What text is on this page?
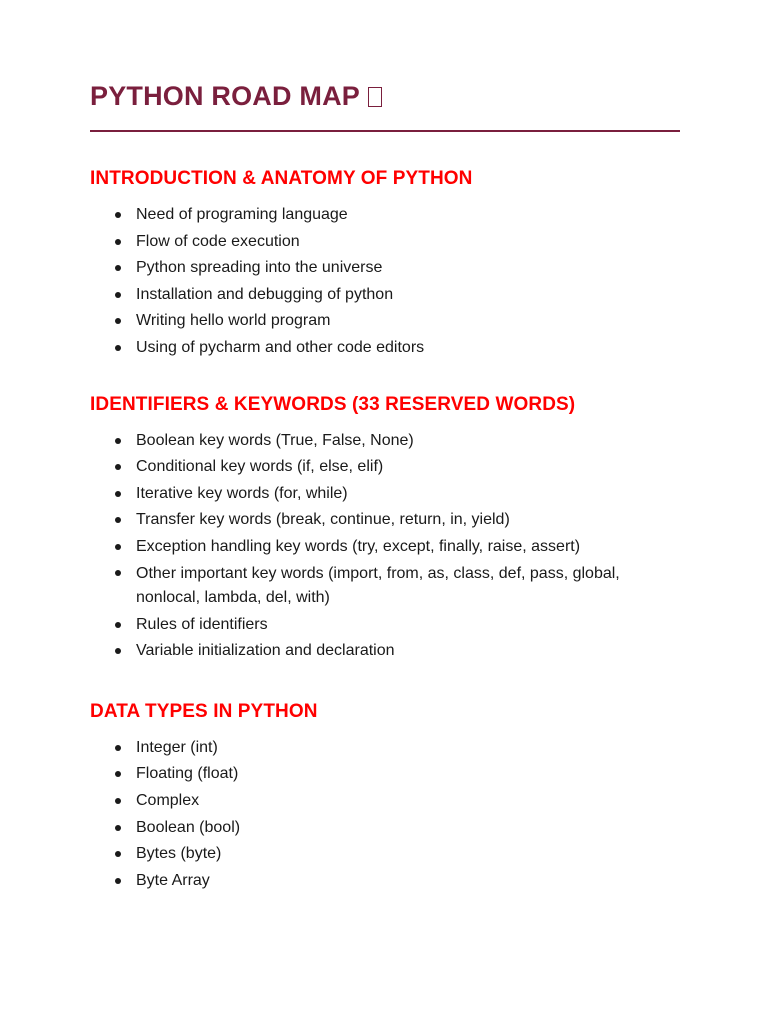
PYTHON ROAD MAP
INTRODUCTION & ANATOMY OF PYTHON
Need of programing language
Flow of code execution
Python spreading into the universe
Installation and debugging of python
Writing hello world program
Using of pycharm and other code editors
IDENTIFIERS & KEYWORDS (33 RESERVED WORDS)
Boolean key words (True, False, None)
Conditional key words (if, else, elif)
Iterative key words (for, while)
Transfer key words (break, continue, return, in, yield)
Exception handling key words (try, except, finally, raise, assert)
Other important key words (import, from, as, class, def, pass, global, nonlocal, lambda, del, with)
Rules of identifiers
Variable initialization and declaration
DATA TYPES IN PYTHON
Integer (int)
Floating (float)
Complex
Boolean (bool)
Bytes (byte)
Byte Array
